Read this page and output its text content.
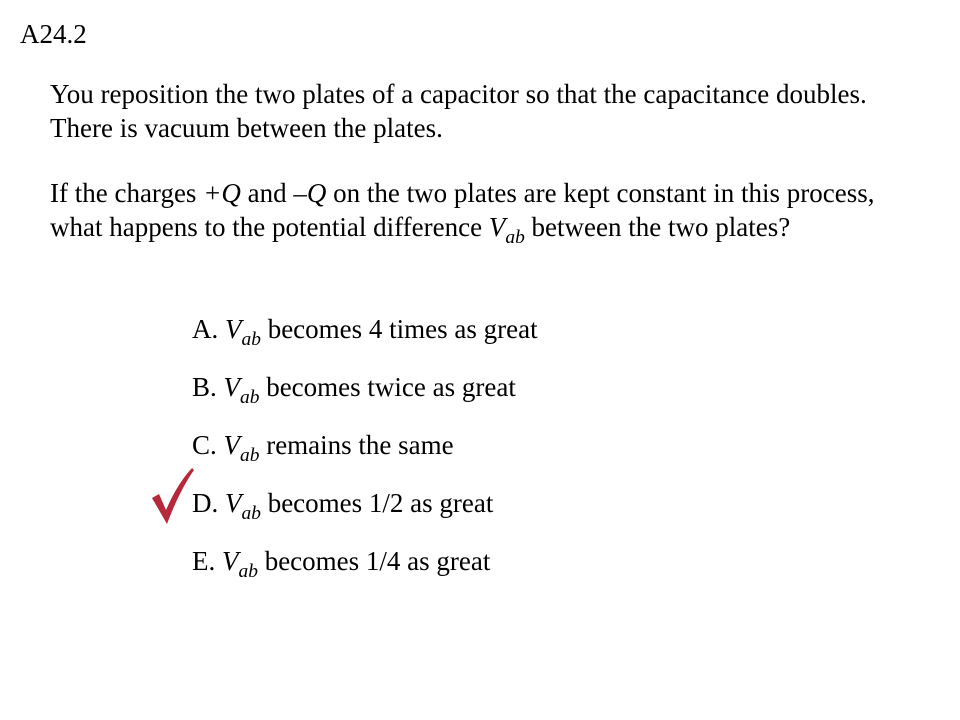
A24.2

You reposition the two plates of a capacitor so that the capacitance doubles. There is vacuum between the plates.

If the charges +Q and –Q on the two plates are kept constant in this process, what happens to the potential difference $V_{ab}$ between the two plates?

A. $V_{ab}$ becomes 4 times as great
B. $V_{ab}$ becomes twice as great
C. $V_{ab}$ remains the same
D. $V_{ab}$ becomes 1/2 as great
E. $V_{ab}$ becomes 1/4 as great
